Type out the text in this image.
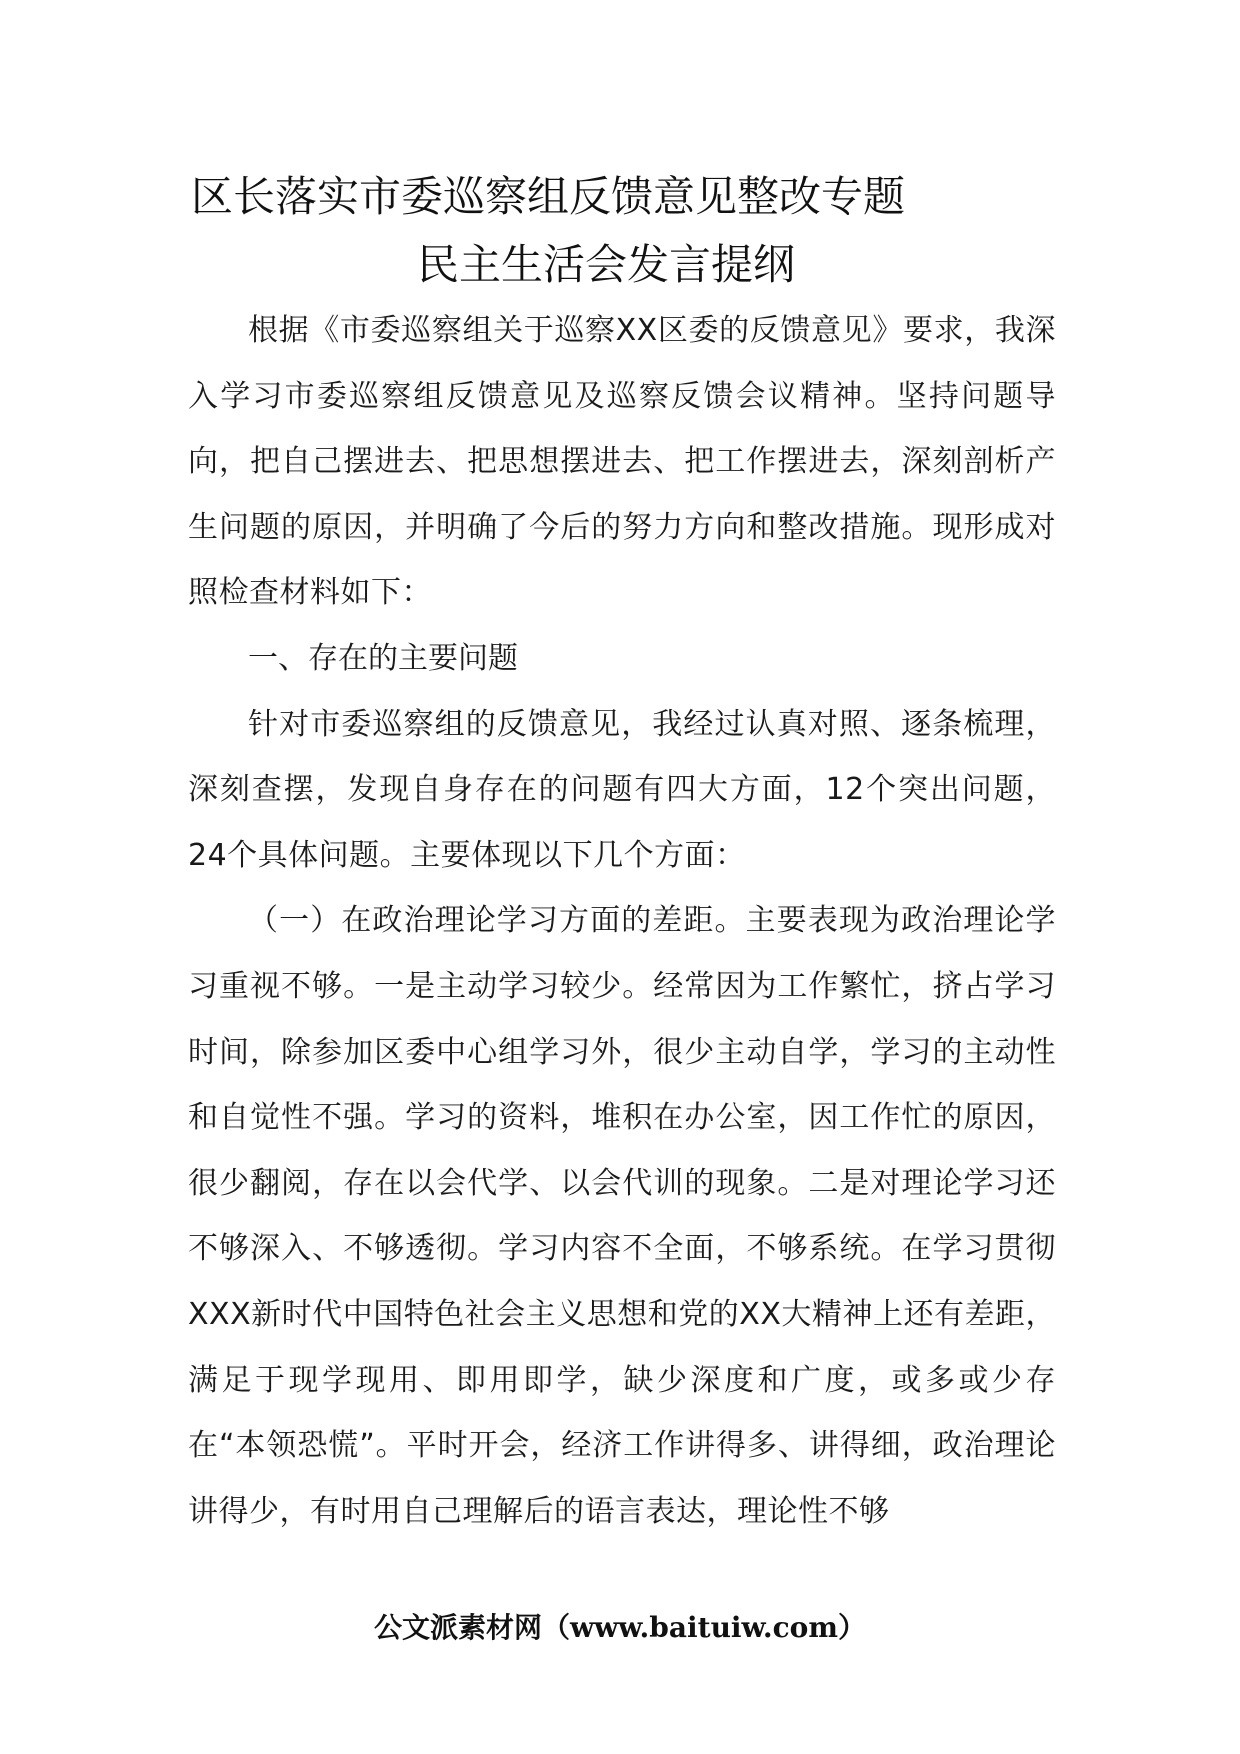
区长落实市委巡察组反馈意见整改专题
民主生活会发言提纲

根据《市委巡察组关于巡察XX区委的反馈意见》要求，我深入学习市委巡察组反馈意见及巡察反馈会议精神。坚持问题导向，把自己摆进去、把思想摆进去、把工作摆进去，深刻剖析产生问题的原因，并明确了今后的努力方向和整改措施。现形成对照检查材料如下：

一、存在的主要问题

针对市委巡察组的反馈意见，我经过认真对照、逐条梳理，深刻查摆，发现自身存在的问题有四大方面，12个突出问题，24个具体问题。主要体现以下几个方面：

（一）在政治理论学习方面的差距。主要表现为政治理论学习重视不够。一是主动学习较少。经常因为工作繁忙，挤占学习时间，除参加区委中心组学习外，很少主动自学，学习的主动性和自觉性不强。学习的资料，堆积在办公室，因工作忙的原因，很少翻阅，存在以会代学、以会代训的现象。二是对理论学习还不够深入、不够透彻。学习内容不全面，不够系统。在学习贯彻XXX新时代中国特色社会主义思想和党的XX大精神上还有差距，满足于现学现用、即用即学，缺少深度和广度，或多或少存在“本领恐慌”。平时开会，经济工作讲得多、讲得细，政治理论讲得少，有时用自己理解后的语言表达，理论性不够

公文派素材网（www.baituiw.com）
